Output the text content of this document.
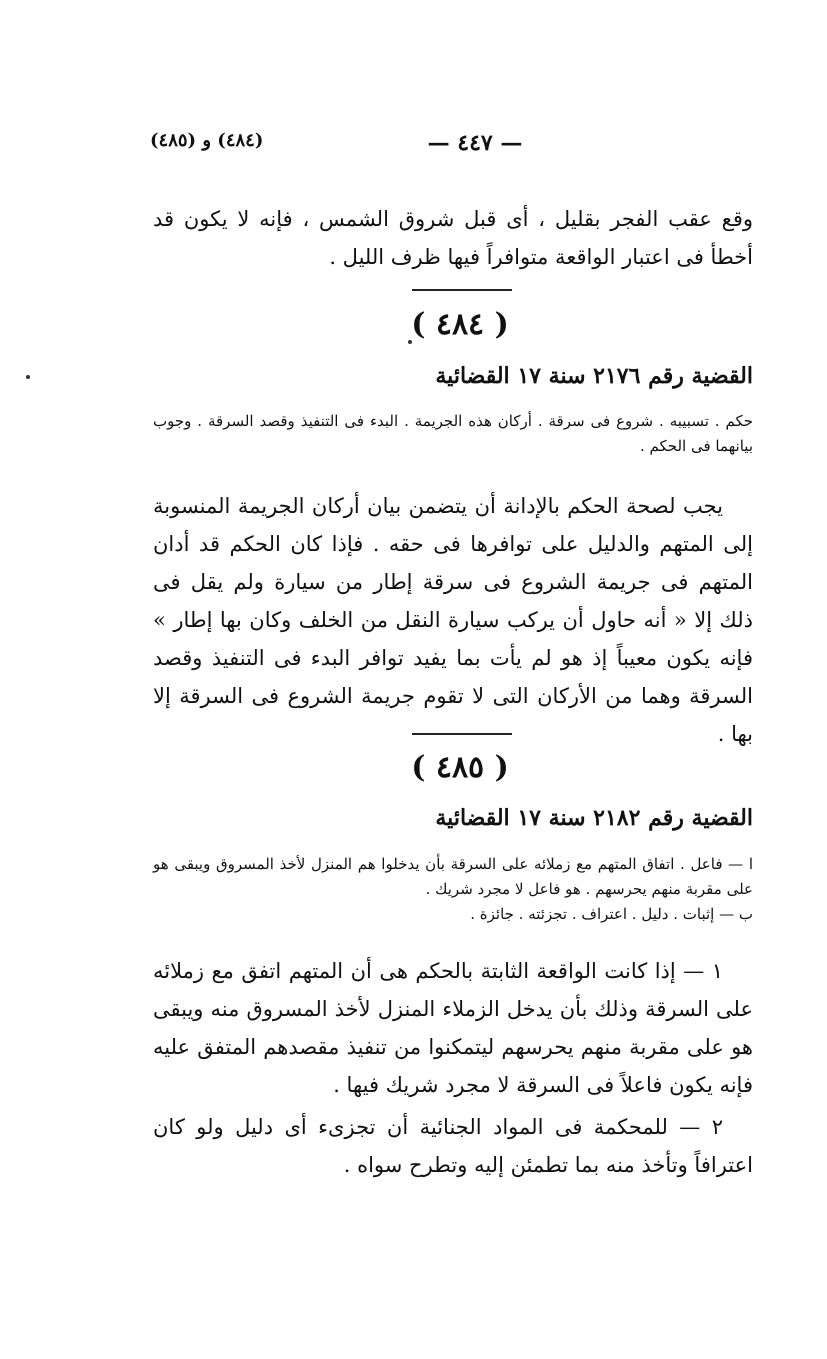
(٤٨٤) و (٤٨٥)	— ٤٤٧ —

وقع عقب الفجر بقليل ، أى قبل شروق الشمس ، فإنه لا يكون قد أخطأ فى اعتبار الواقعة متوافراً فيها ظرف الليل .

( ٤٨٤ )
القضية رقم ٢١٧٦ سنة ١٧ القضائية

حكم . تسبيبه . شروع فى سرقة . أركان هذه الجريمة . البدء فى التنفيذ وقصد السرقة . وجوب بيانهما فى الحكم .

يجب لصحة الحكم بالإدانة أن يتضمن بيان أركان الجريمة المنسوبة إلى المتهم والدليل على توافرها فى حقه . فإذا كان الحكم قد أدان المتهم فى جريمة الشروع فى سرقة إطار من سيارة ولم يقل فى ذلك إلا « أنه حاول أن يركب سيارة النقل من الخلف وكان بها إطار » فإنه يكون معيباً إذ هو لم يأت بما يفيد توافر البدء فى التنفيذ وقصد السرقة وهما من الأركان التى لا تقوم جريمة الشروع فى السرقة إلا بها .

( ٤٨٥ )
القضية رقم ٢١٨٢ سنة ١٧ القضائية

ا — فاعل . اتفاق المتهم مع زملائه على السرقة بأن يدخلوا هم المنزل لأخذ المسروق ويبقى هو على مقربة منهم يحرسهم . هو فاعل لا مجرد شريك .

ب — إثبات . دليل . اعتراف . تجزئته . جائزة .

١ — إذا كانت الواقعة الثابتة بالحكم هى أن المتهم اتفق مع زملائه على السرقة وذلك بأن يدخل الزملاء المنزل لأخذ المسروق منه ويبقى هو على مقربة منهم يحرسهم ليتمكنوا من تنفيذ مقصدهم المتفق عليه فإنه يكون فاعلاً فى السرقة لا مجرد شريك فيها .

٢ — للمحكمة فى المواد الجنائية أن تجزىء أى دليل ولو كان اعترافاً وتأخذ منه بما تطمئن إليه وتطرح سواه .
